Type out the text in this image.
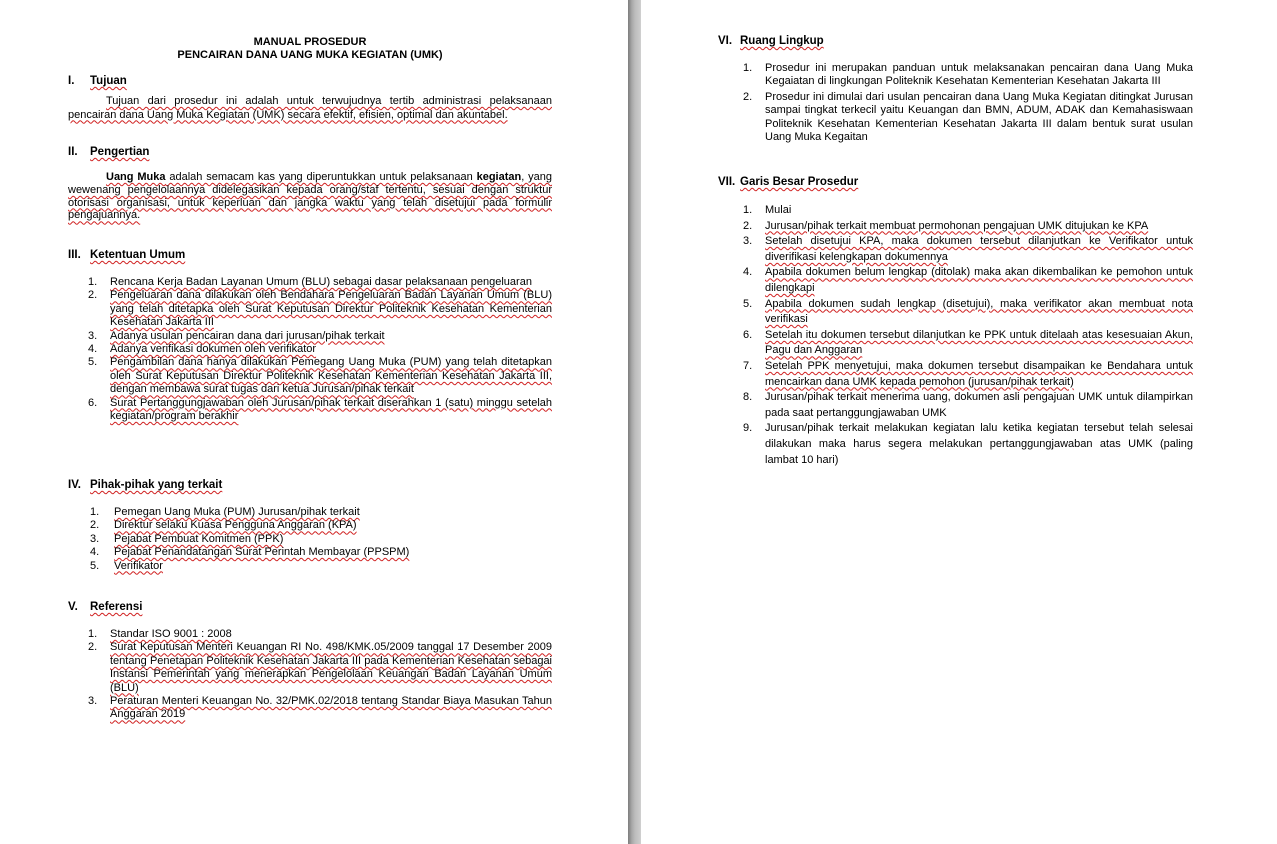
MANUAL PROSEDUR
PENCAIRAN DANA UANG MUKA KEGIATAN (UMK)
I. Tujuan
Tujuan dari prosedur ini adalah untuk terwujudnya tertib administrasi pelaksanaan pencairan dana Uang Muka Kegiatan (UMK) secara efektif, efisien, optimal dan akuntabel.
II. Pengertian
Uang Muka adalah semacam kas yang diperuntukkan untuk pelaksanaan kegiatan, yang wewenang pengelolaannya didelegasikan kepada orang/staf tertentu, sesuai dengan struktur otorisasi organisasi, untuk keperluan dan jangka waktu yang telah disetujui pada formulir pengajuannya.
III. Ketentuan Umum
1. Rencana Kerja Badan Layanan Umum (BLU) sebagai dasar pelaksanaan pengeluaran
2. Pengeluaran dana dilakukan oleh Bendahara Pengeluaran Badan Layanan Umum (BLU) yang telah ditetapka oleh Surat Keputusan Direktur Politeknik Kesehatan Kementerian Kesehatan Jakarta III
3. Adanya usulan pencairan dana dari jurusan/pihak terkait
4. Adanya verifikasi dokumen oleh verifikator
5. Pengambilan dana hanya dilakukan Pemegang Uang Muka (PUM) yang telah ditetapkan oleh Surat Keputusan Direktur Politeknik Kesehatan Kementerian Kesehatan Jakarta III, dengan membawa surat tugas dari ketua Jurusan/pihak terkait
6. Surat Pertanggungjawaban oleh Jurusan/pihak terkait diserahkan 1 (satu) minggu setelah kegiatan/program berakhir
IV. Pihak-pihak yang terkait
1. Pemegan Uang Muka (PUM) Jurusan/pihak terkait
2. Direktur selaku Kuasa Pengguna Anggaran (KPA)
3. Pejabat Pembuat Komitmen (PPK)
4. Pejabat Penandatangan Surat Perintah Membayar (PPSPM)
5. Verifikator
V. Referensi
1. Standar ISO 9001 : 2008
2. Surat Keputusan Menteri Keuangan RI No. 498/KMK.05/2009 tanggal 17 Desember 2009 tentang Penetapan Politeknik Kesehatan Jakarta III pada Kementerian Kesehatan sebagai Instansi Pemerintah yang menerapkan Pengelolaan Keuangan Badan Layanan Umum (BLU)
3. Peraturan Menteri Keuangan No. 32/PMK.02/2018 tentang Standar Biaya Masukan Tahun Anggaran 2019
VI. Ruang Lingkup
1. Prosedur ini merupakan panduan untuk melaksanakan pencairan dana Uang Muka Kegaiatan di lingkungan Politeknik Kesehatan Kementerian Kesehatan Jakarta III
2. Prosedur ini dimulai dari usulan pencairan dana Uang Muka Kegiatan ditingkat Jurusan sampai tingkat terkecil yaitu Keuangan dan BMN, ADUM, ADAK dan Kemahasiswaan Politeknik Kesehatan Kementerian Kesehatan Jakarta III dalam bentuk surat usulan Uang Muka Kegaitan
VII. Garis Besar Prosedur
1. Mulai
2. Jurusan/pihak terkait membuat permohonan pengajuan UMK ditujukan ke KPA
3. Setelah disetujui KPA, maka dokumen tersebut dilanjutkan ke Verifikator untuk diverifikasi kelengkapan dokumennya
4. Apabila dokumen belum lengkap (ditolak) maka akan dikembalikan ke pemohon untuk dilengkapi
5. Apabila dokumen sudah lengkap (disetujui), maka verifikator akan membuat nota verifikasi
6. Setelah itu dokumen tersebut dilanjutkan ke PPK untuk ditelaah atas kesesuaian Akun, Pagu dan Anggaran
7. Setelah PPK menyetujui, maka dokumen tersebut disampaikan ke Bendahara untuk mencairkan dana UMK kepada pemohon (jurusan/pihak terkait)
8. Jurusan/pihak terkait menerima uang, dokumen asli pengajuan UMK untuk dilampirkan pada saat pertanggungjawaban UMK
9. Jurusan/pihak terkait melakukan kegiatan lalu ketika kegiatan tersebut telah selesai dilakukan maka harus segera melakukan pertanggungjawaban atas UMK (paling lambat 10 hari)
